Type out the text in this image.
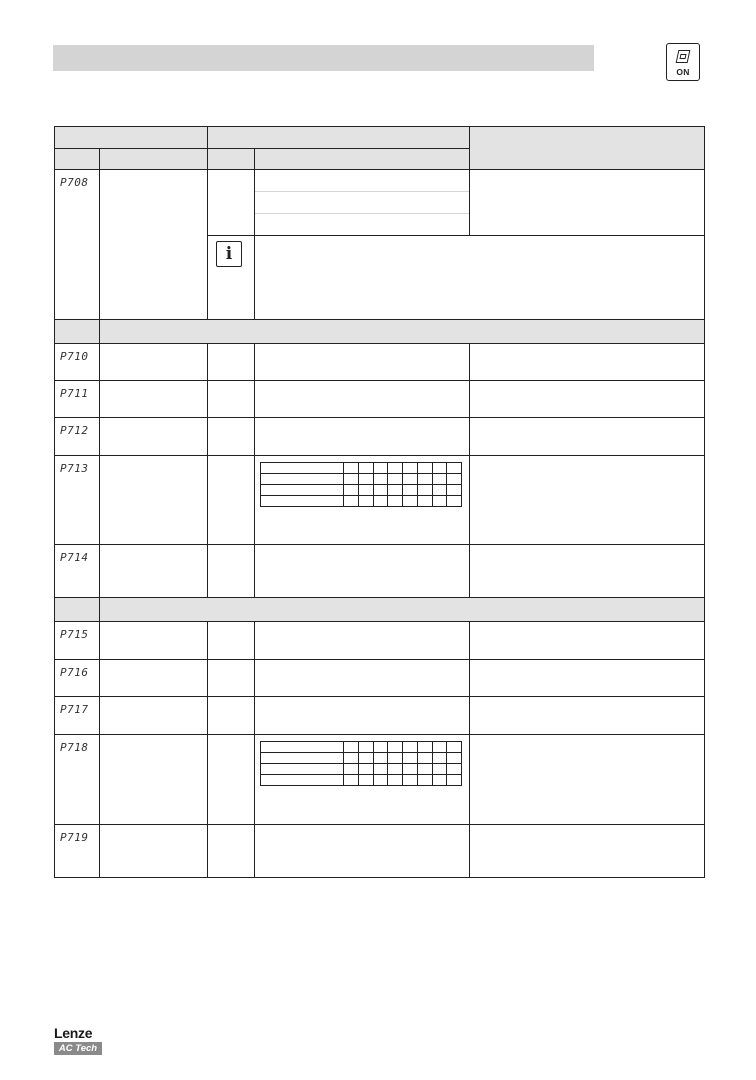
ON

P708

i

P710

P711

P712

P713

P714

P715

P716

P717

P718

P719

Lenze
AC Tech
